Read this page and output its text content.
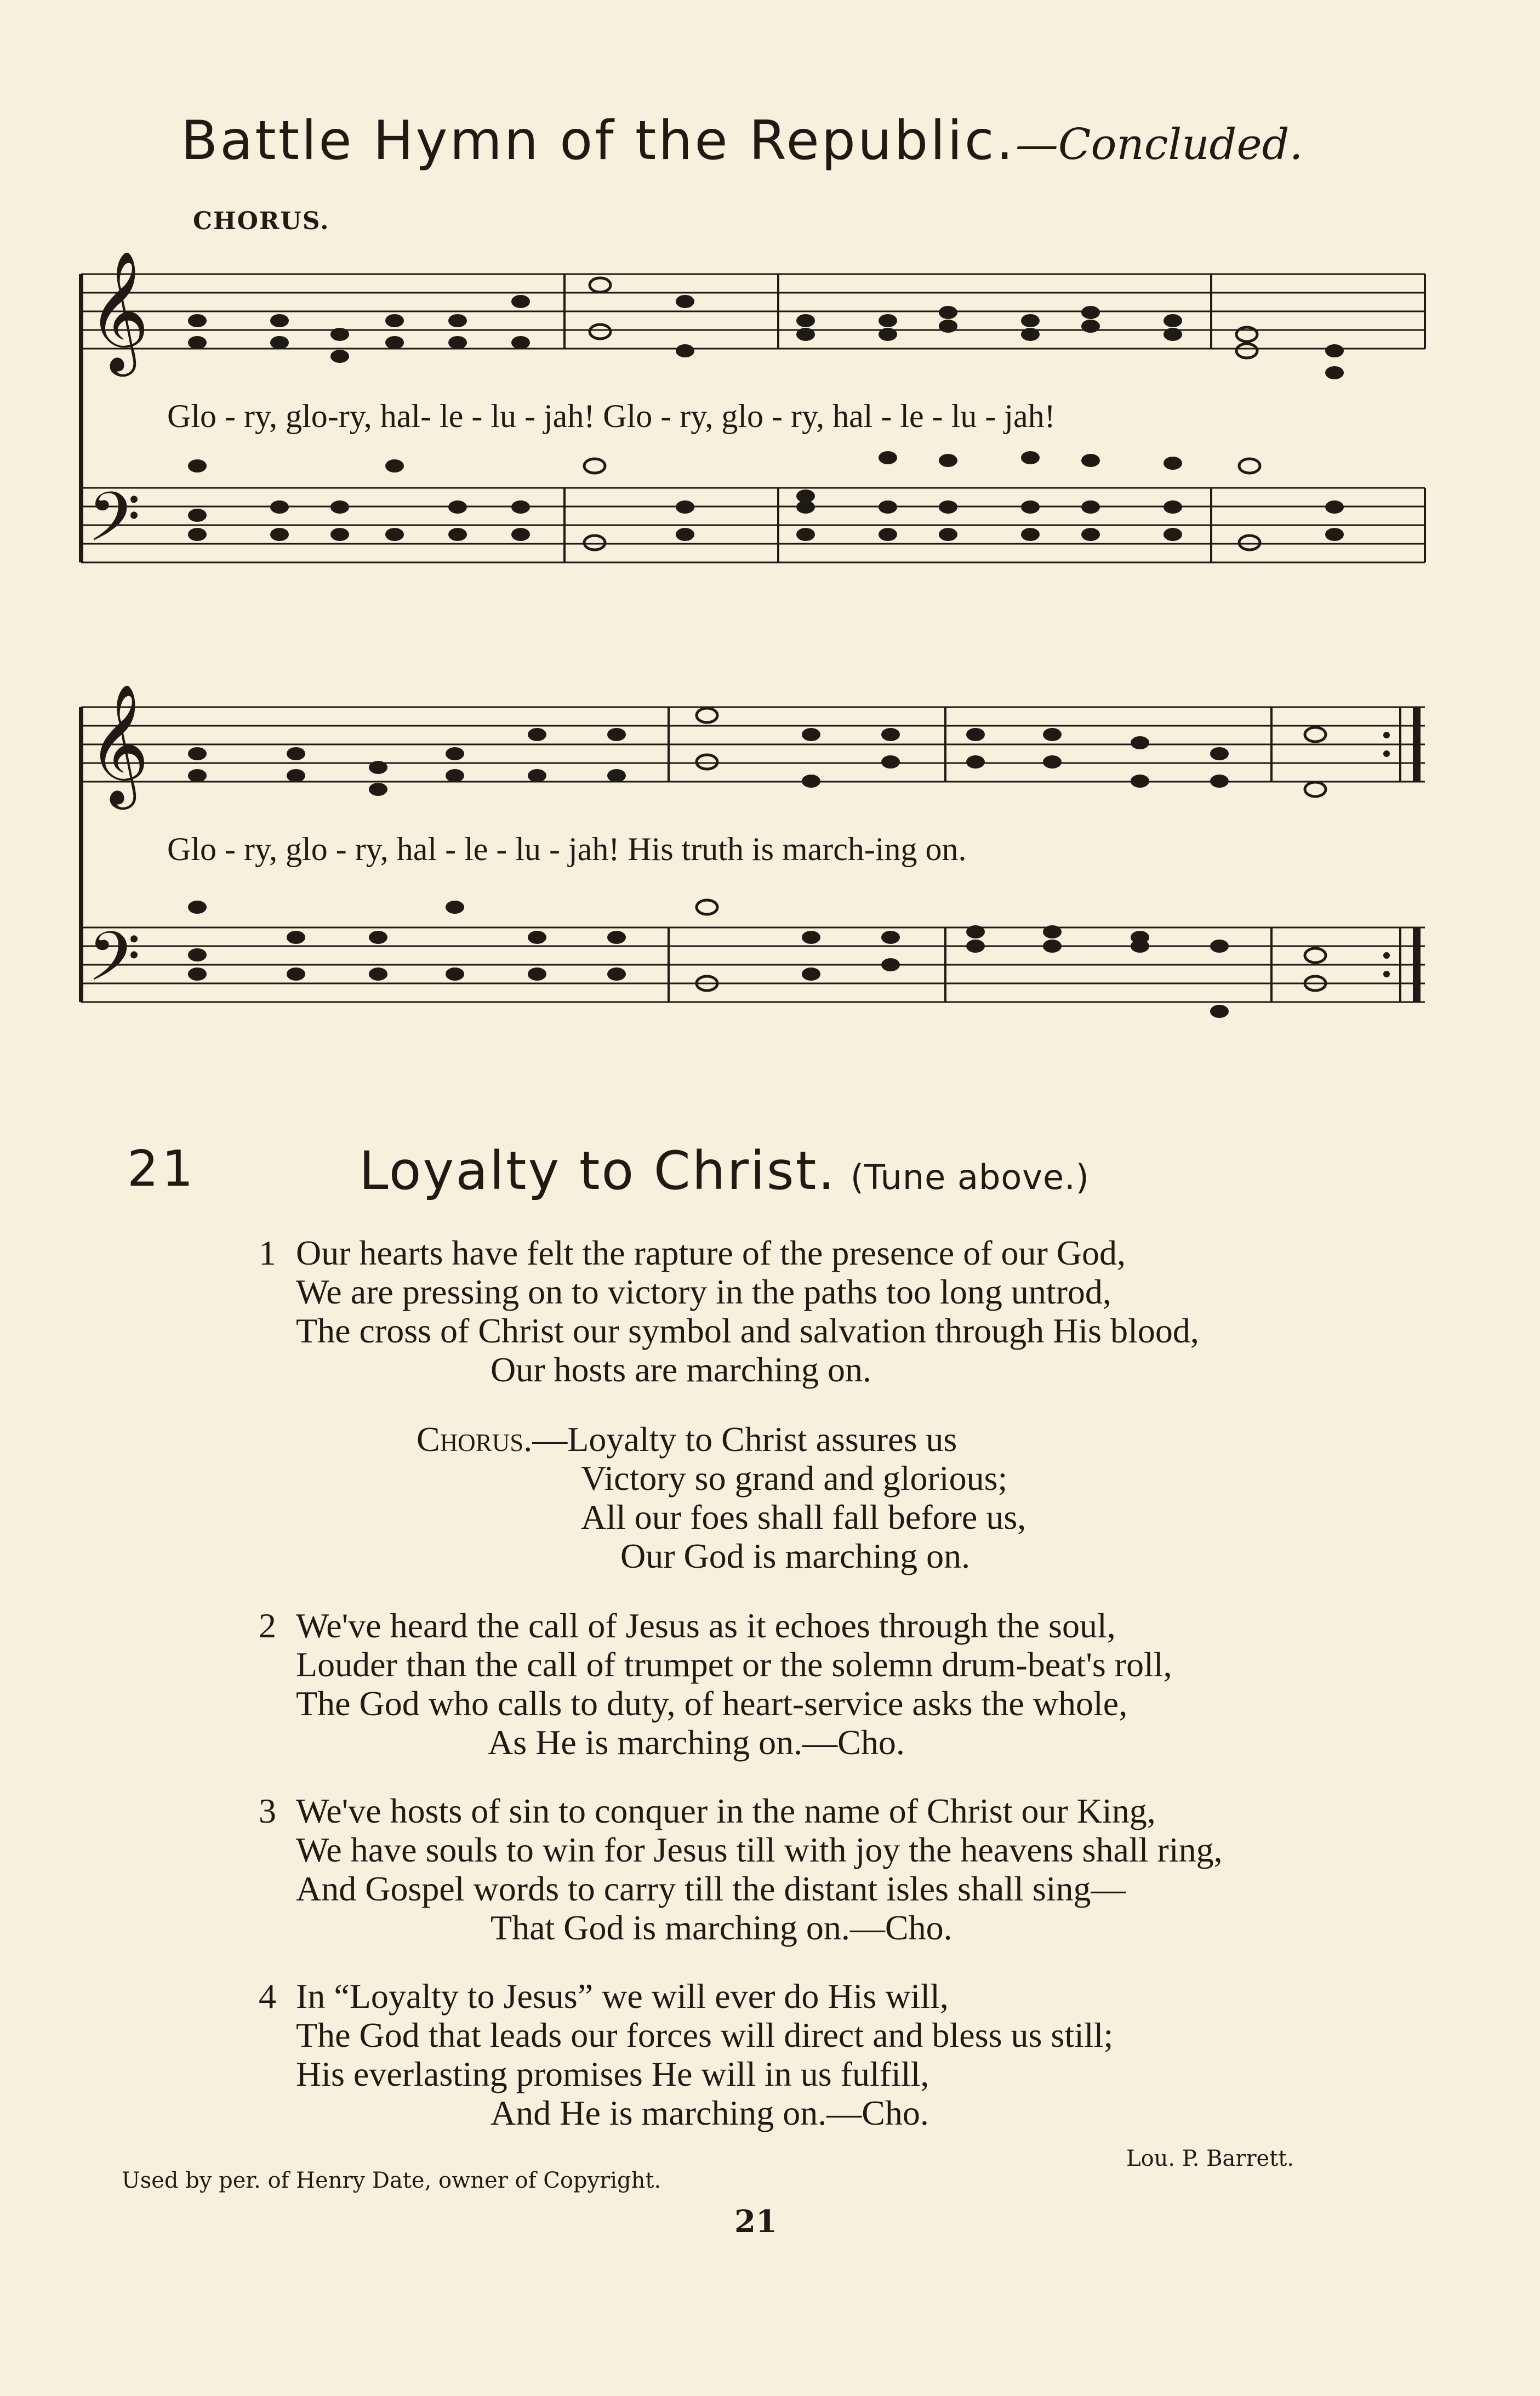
Battle Hymn of the Republic.—Concluded.
CHORUS.
𝄞
𝄢
𝄞
𝄢
Glo - ry, glo-ry, hal- le - lu - jah! Glo - ry, glo - ry, hal - le - lu - jah!
Glo - ry, glo - ry, hal - le - lu - jah! His truth is march-ing on.
21	Loyalty to Christ. (Tune above.)
1 Our hearts have felt the rapture of the presence of our God,
We are pressing on to victory in the paths too long untrod,
The cross of Christ our symbol and salvation through His blood,
Our hosts are marching on.
Chorus.—Loyalty to Christ assures us
Victory so grand and glorious;
All our foes shall fall before us,
Our God is marching on.
2 We've heard the call of Jesus as it echoes through the soul,
Louder than the call of trumpet or the solemn drum-beat's roll,
The God who calls to duty, of heart-service asks the whole,
As He is marching on.—Cho.
3 We've hosts of sin to conquer in the name of Christ our King,
We have souls to win for Jesus till with joy the heavens shall ring,
And Gospel words to carry till the distant isles shall sing—
That God is marching on.—Cho.
4 In “Loyalty to Jesus” we will ever do His will,
The God that leads our forces will direct and bless us still;
His everlasting promises He will in us fulfill,
And He is marching on.—Cho.
Lou. P. Barrett.
Used by per. of Henry Date, owner of Copyright.
21
